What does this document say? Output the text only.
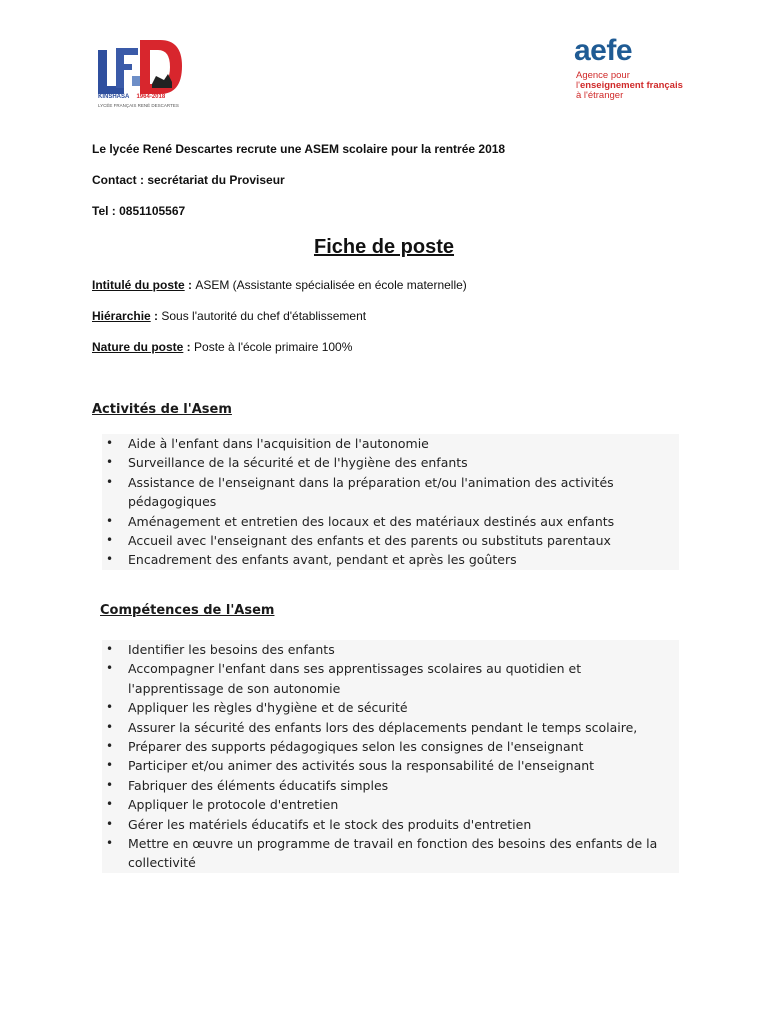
KINSHASA 1964-2018
LYCÉE FRANÇAIS RENÉ DESCARTES
aefe
Agence pour
l'enseignement français
à l'étranger
Le lycée René Descartes recrute une ASEM scolaire pour la rentrée 2018
Contact : secrétariat du Proviseur
Tel : 0851105567
Fiche de poste
Intitulé du poste : ASEM (Assistante spécialisée en école maternelle)
Hiérarchie : Sous l'autorité du chef d'établissement
Nature du poste : Poste à l'école primaire 100%
Activités de l'Asem
• Aide à l'enfant dans l'acquisition de l'autonomie
• Surveillance de la sécurité et de l'hygiène des enfants
• Assistance de l'enseignant dans la préparation et/ou l'animation des activités pédagogiques
• Aménagement et entretien des locaux et des matériaux destinés aux enfants
• Accueil avec l'enseignant des enfants et des parents ou substituts parentaux
• Encadrement des enfants avant, pendant et après les goûters
Compétences de l'Asem
• Identifier les besoins des enfants
• Accompagner l'enfant dans ses apprentissages scolaires au quotidien et l'apprentissage de son autonomie
• Appliquer les règles d'hygiène et de sécurité
• Assurer la sécurité des enfants lors des déplacements pendant le temps scolaire,
• Préparer des supports pédagogiques selon les consignes de l'enseignant
• Participer et/ou animer des activités sous la responsabilité de l'enseignant
• Fabriquer des éléments éducatifs simples
• Appliquer le protocole d'entretien
• Gérer les matériels éducatifs et le stock des produits d'entretien
• Mettre en œuvre un programme de travail en fonction des besoins des enfants de la collectivité
